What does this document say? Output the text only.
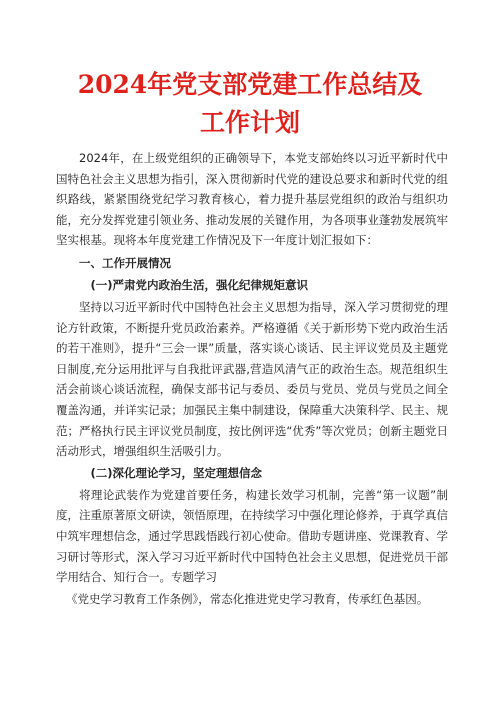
2024年党支部党建工作总结及
工作计划

2024年，在上级党组织的正确领导下，本党支部始终以习近平新时代中国特色社会主义思想为指引，深入贯彻新时代党的建设总要求和新时代党的组织路线，紧紧围绕党纪学习教育核心，着力提升基层党组织的政治与组织功能，充分发挥党建引领业务、推动发展的关键作用，为各项事业蓬勃发展筑牢坚实根基。现将本年度党建工作情况及下一年度计划汇报如下：

一、工作开展情况

(一)严肃党内政治生活，强化纪律规矩意识

坚持以习近平新时代中国特色社会主义思想为指导，深入学习贯彻党的理论方针政策，不断提升党员政治素养。严格遵循《关于新形势下党内政治生活的若干准则》，提升“三会一课”质量，落实谈心谈话、民主评议党员及主题党日制度,充分运用批评与自我批评武器,营造风清气正的政治生态。规范组织生活会前谈心谈话流程，确保支部书记与委员、委员与党员、党员与党员之间全覆盖沟通，并详实记录；加强民主集中制建设，保障重大决策科学、民主、规范；严格执行民主评议党员制度，按比例评选“优秀”等次党员；创新主题党日活动形式，增强组织生活吸引力。

(二)深化理论学习，坚定理想信念

将理论武装作为党建首要任务，构建长效学习机制，完善“第一议题”制度，注重原著原文研读，领悟原理，在持续学习中强化理论修养，于真学真信中筑牢理想信念，通过学思践悟践行初心使命。借助专题讲座、党课教育、学习研讨等形式，深入学习习近平新时代中国特色社会主义思想，促进党员干部学用结合、知行合一。专题学习

《党史学习教育工作条例》，常态化推进党史学习教育，传承红色基因。
